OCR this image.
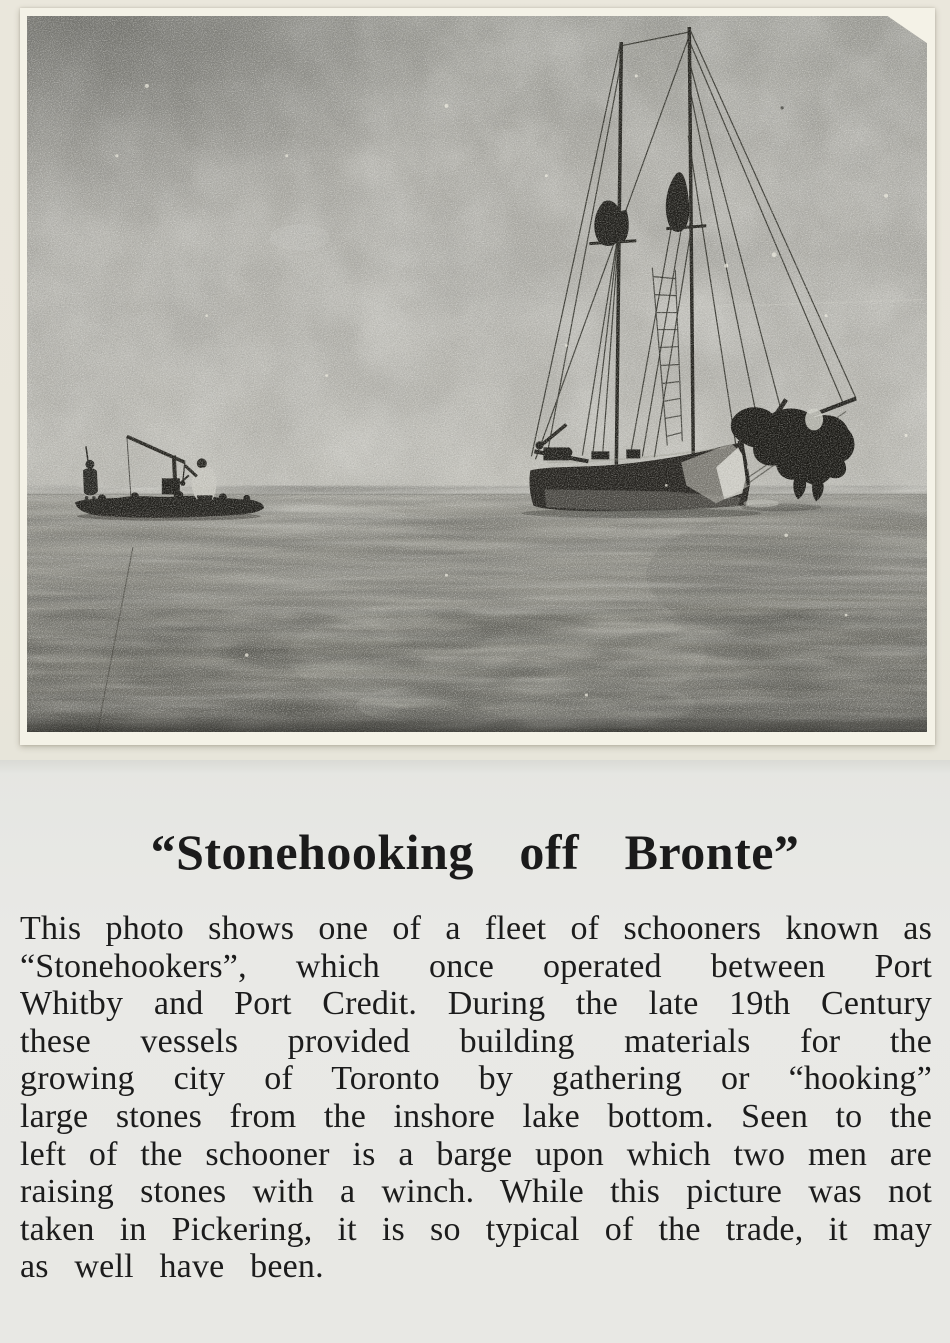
“Stonehooking off Bronte”
This photo shows one of a fleet of schooners known as
“Stonehookers”, which once operated between Port
Whitby and Port Credit. During the late 19th Century
these vessels provided building materials for the
growing city of Toronto by gathering or “hooking”
large stones from the inshore lake bottom. Seen to the
left of the schooner is a barge upon which two men are
raising stones with a winch. While this picture was not
taken in Pickering, it is so typical of the trade, it may
as well have been.
